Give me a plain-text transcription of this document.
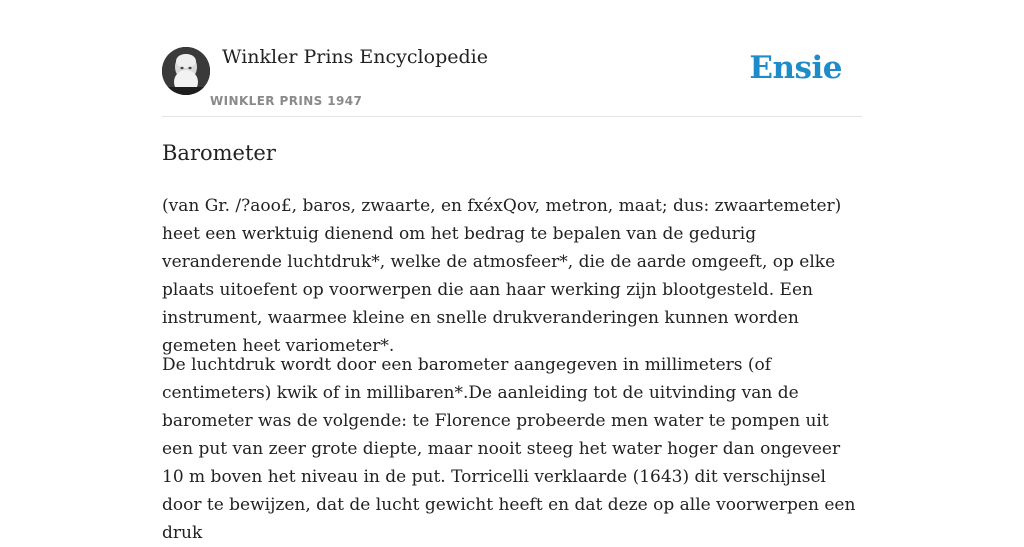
Winkler Prins Encyclopedie
WINKLER PRINS 1947
Ensie
Barometer

(van Gr. /?aoo£, baros, zwaarte, en fxéxQov, metron, maat; dus: zwaartemeter) heet een werktuig dienend om het bedrag te bepalen van de gedurig veranderende luchtdruk*, welke de atmosfeer*, die de aarde omgeeft, op elke plaats uitoefent op voorwerpen die aan haar werking zijn blootgesteld. Een instrument, waarmee kleine en snelle drukveranderingen kunnen worden gemeten heet variometer*.

De luchtdruk wordt door een barometer aangegeven in millimeters (of centimeters) kwik of in millibaren*.De aanleiding tot de uitvinding van de barometer was de volgende: te Florence probeerde men water te pompen uit een put van zeer grote diepte, maar nooit steeg het water hoger dan ongeveer 10 m boven het niveau in de put. Torricelli verklaarde (1643) dit verschijnsel door te bewijzen, dat de lucht gewicht heeft en dat deze op alle voorwerpen een druk
